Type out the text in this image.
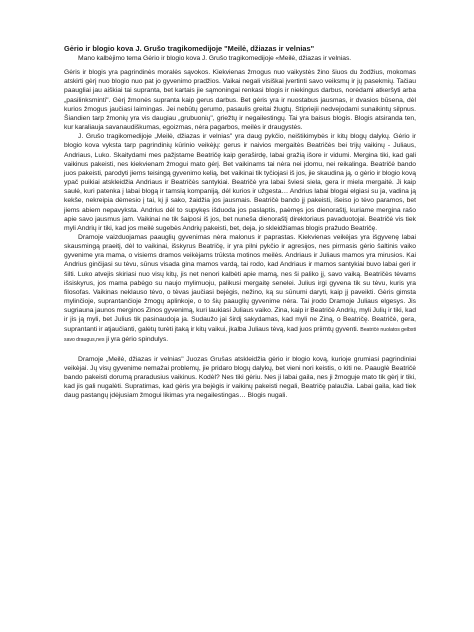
Gėrio ir blogio kova J. Grušo tragikomedijoje "Meilė, džiazas ir velnias"

Mano kalbėjimo tema Gėrio ir blogio kova J. Grušo tragikomedijoje «Meilė, džiazas ir velnias.

Gėris ir blogis yra pagrindinės moralės sąvokos. Kiekvienas žmogus nuo vaikystės žino šiuos du žodžius, mokomas atskirti gėrį nuo blogio nuo pat jo gyvenimo pradžios. Vaikai negali visiškai įvertinti savo veiksmų ir jų pasekmių. Tačiau paaugliai jau aiškiai tai supranta, bet kartais jie sąmoningai renkasi blogis ir niekingus darbus, norėdami atkeršyti arba „pasilinksminti". Gėrį žmonės supranta kaip gerus darbus. Bet gėris yra ir nuostabus jausmas, ir dvasios būsena, dėl kurios žmogus jaučiasi laimingas. Jei nebūtų gerumo, pasaulis greitai žlugtų. Stipriejii nedvejodami sunaikintų silpnus. Šiandien tarp žmonių yra vis daugiau „grubuonių", griežtų ir negailestingų. Tai yra baisus blogis. Blogis atsiranda ten, kur karaliauja savanaudiškumas, egoizmas, nėra pagarbos, meilės ir draugystės.

J. Grušo tragikomedijoje „Meilė, džiazas ir velnias" yra daug pykčio, neištikimybės ir kitų blogų dalykų. Gėrio ir blogio kova vyksta tarp pagrindinių kūrinio veikėjų: gerus ir naivios mergaitės Beatričės bei trijų vaikinų - Juliaus, Andriaus, Luko. Skaitydami mes pažįstame Beatričę kaip geraširdę, labai gražią išore ir vidumi. Mergina tiki, kad gali vaikinus pakeisti, nes kiekvienam žmogui mato gėrį. Bet vaikinams tai nėra nei įdomu, nei reikalinga. Beatričė bando juos pakeisti, parodyti jiems teisingą gyvenimo kelią, bet vaikinai tik tyčiojasi iš jos, jie skaudina ją, o gėrio ir blogio kovą ypač puikiai atskleidžia Andriaus ir Beatričės santykiai. Beatričė yra labai šviesi siela, gera ir miela mergaitė. Ji kaip saulė, kuri patenka į labai blogą ir tamsią kompaniją, dėl kurios ir užgesta… Andrius labai blogai elgiasi su ja, vadina ją kekše, nekreipia dėmesio į tai, kį ji sako, žaidžia jos jausmais. Beatričė bando jį pakeisti, išeiso jo tėvo paramos, bet jiems abiem nepavyksta. Andrius dėl to supykęs išduoda jos paslaptis, paėmęs jos dienoraštį, kuriame mergina rašo apie savo jausmus jam. Vaikinai ne tik šaiposi iš jos, bet nuneša dienoraštį direktoriaus pavaduotojai. Beatričė vis tiek myli Andrių ir tiki, kad jos meilė sugebės Andrių pakeisti, bet, deja, jo skleidžiamas blogis pražudo Beatričę.

Dramoje vaizduojamas paauglių gyvenimas nėra malonus ir paprastas. Kiekvienas veikėjas yra išgyvenę labai skausmingą praeitį, dėl to vaikinai, išskyrus Beatričę, ir yra pilni pykčio ir agresijos, nes pirmasis gėrio šaltinis vaiko gyvenime yra mama, o visiems dramos veikėjams trūksta motinos meilės. Andriaus ir Juliaus mamos yra mirusios. Kai Andrius ginčijasi su tėvu, sūnus visada gina mamos vardą, tai rodo, kad Andriaus ir mamos santykiai buvo labai geri ir šilti. Luko atvejis skiriasi nuo visų kitų, jis net nenori kalbėti apie mamą, nes ši paliko jį, savo vaiką. Beatričės tėvams išsiskyrus, jos mama pabėgo su naujo mylimuoju, palikusi mergaitę senelei. Julius irgi gyvena tik su tėvu, kuris yra filosofas. Vaikinas neklauso tėvo, o tėvas jaučiasi bejėgis, nežino, ką su sūnumi daryti, kaip jį paveikti. Gėris gimsta mylinčioje, suprantančioje žmogų aplinkoje, o to šių paauglių gyvenime nėra. Tai įrodo Dramoje Juliaus elgesys. Jis sugriauna jaunos merginos Zinos gyvenimą, kuri laukiasi Juliaus vaiko. Zina, kaip ir Beatričė Andrių, myli Julių ir tiki, kad ir jis ją myli, bet Julius tik pasinaudoja ja. Sudaužo jai širdį sakydamas, kad myli ne Ziną, o Beatričę. Beatričė, gera, suprantanti ir atjaučianti, galėtų turėti įtaką ir kitų vaikui, jkalba Juliaus tėvą, kad juos priimtų gyventi. Beatričė nuolatos gelbsti savo draugus,nes ji yra gėrio spindulys.

Dramoje „Meilė, džiazas ir velnias" Juozas Grušas atskleidžia gėrio ir blogio kovą, kurioje grumiasi pagrindiniai veikėjai. Jų visų gyvenime nemažai problemų, jie pridaro blogų dalykų, bet vieni nori keistis, o kiti ne. Paauglė Beatričė bando pakeisti dorumą praradusius vaikinus. Kodėl? Nes tiki gėriu. Nes ji labai gaila, nes ji žmoguje mato tik gėrį ir tiki, kad jis gali nugalėti. Supratimas, kad gėris yra bejėgis ir vaikinų pakeisti negali, Beatričę palaužia. Labai gaila, kad tiek daug pastangų įdėjusiam žmogui likimas yra negailestingas… Blogis nugali.
